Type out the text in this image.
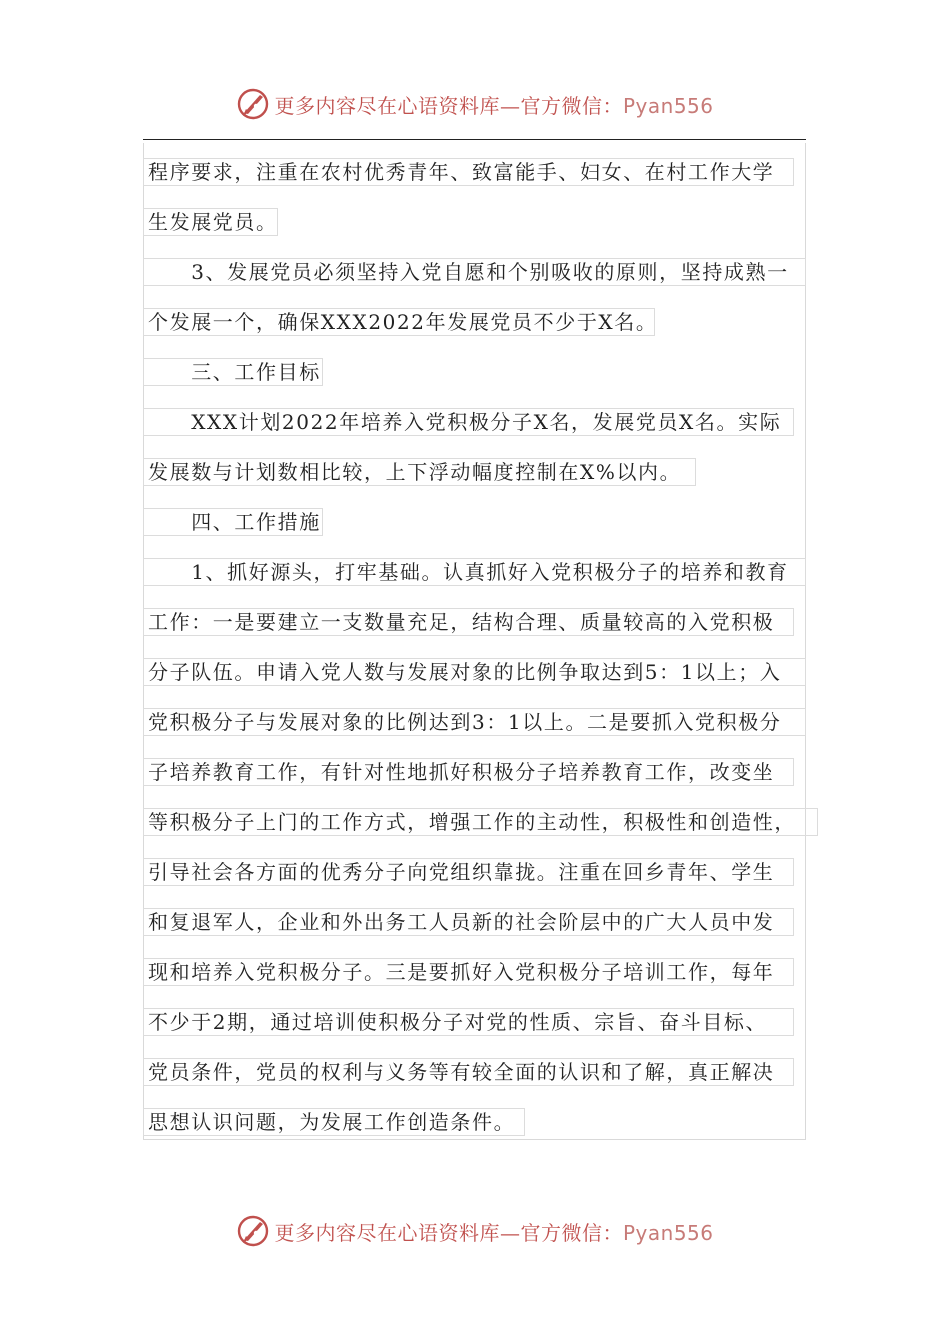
更多内容尽在心语资料库—官方微信：Pyan556
程序要求，注重在农村优秀青年、致富能手、妇女、在村工作大学
生发展党员。
　　3、发展党员必须坚持入党自愿和个别吸收的原则，坚持成熟一
个发展一个，确保XXX2022年发展党员不少于X名。
　　三、工作目标
　　XXX计划2022年培养入党积极分子X名，发展党员X名。实际
发展数与计划数相比较，上下浮动幅度控制在X%以内。
　　四、工作措施
　　1、抓好源头，打牢基础。认真抓好入党积极分子的培养和教育
工作：一是要建立一支数量充足，结构合理、质量较高的入党积极
分子队伍。申请入党人数与发展对象的比例争取达到5：1以上；入
党积极分子与发展对象的比例达到3：1以上。二是要抓入党积极分
子培养教育工作，有针对性地抓好积极分子培养教育工作，改变坐
等积极分子上门的工作方式，增强工作的主动性，积极性和创造性，
引导社会各方面的优秀分子向党组织靠拢。注重在回乡青年、学生
和复退军人，企业和外出务工人员新的社会阶层中的广大人员中发
现和培养入党积极分子。三是要抓好入党积极分子培训工作，每年
不少于2期，通过培训使积极分子对党的性质、宗旨、奋斗目标、
党员条件，党员的权利与义务等有较全面的认识和了解，真正解决
思想认识问题，为发展工作创造条件。
更多内容尽在心语资料库—官方微信：Pyan556
